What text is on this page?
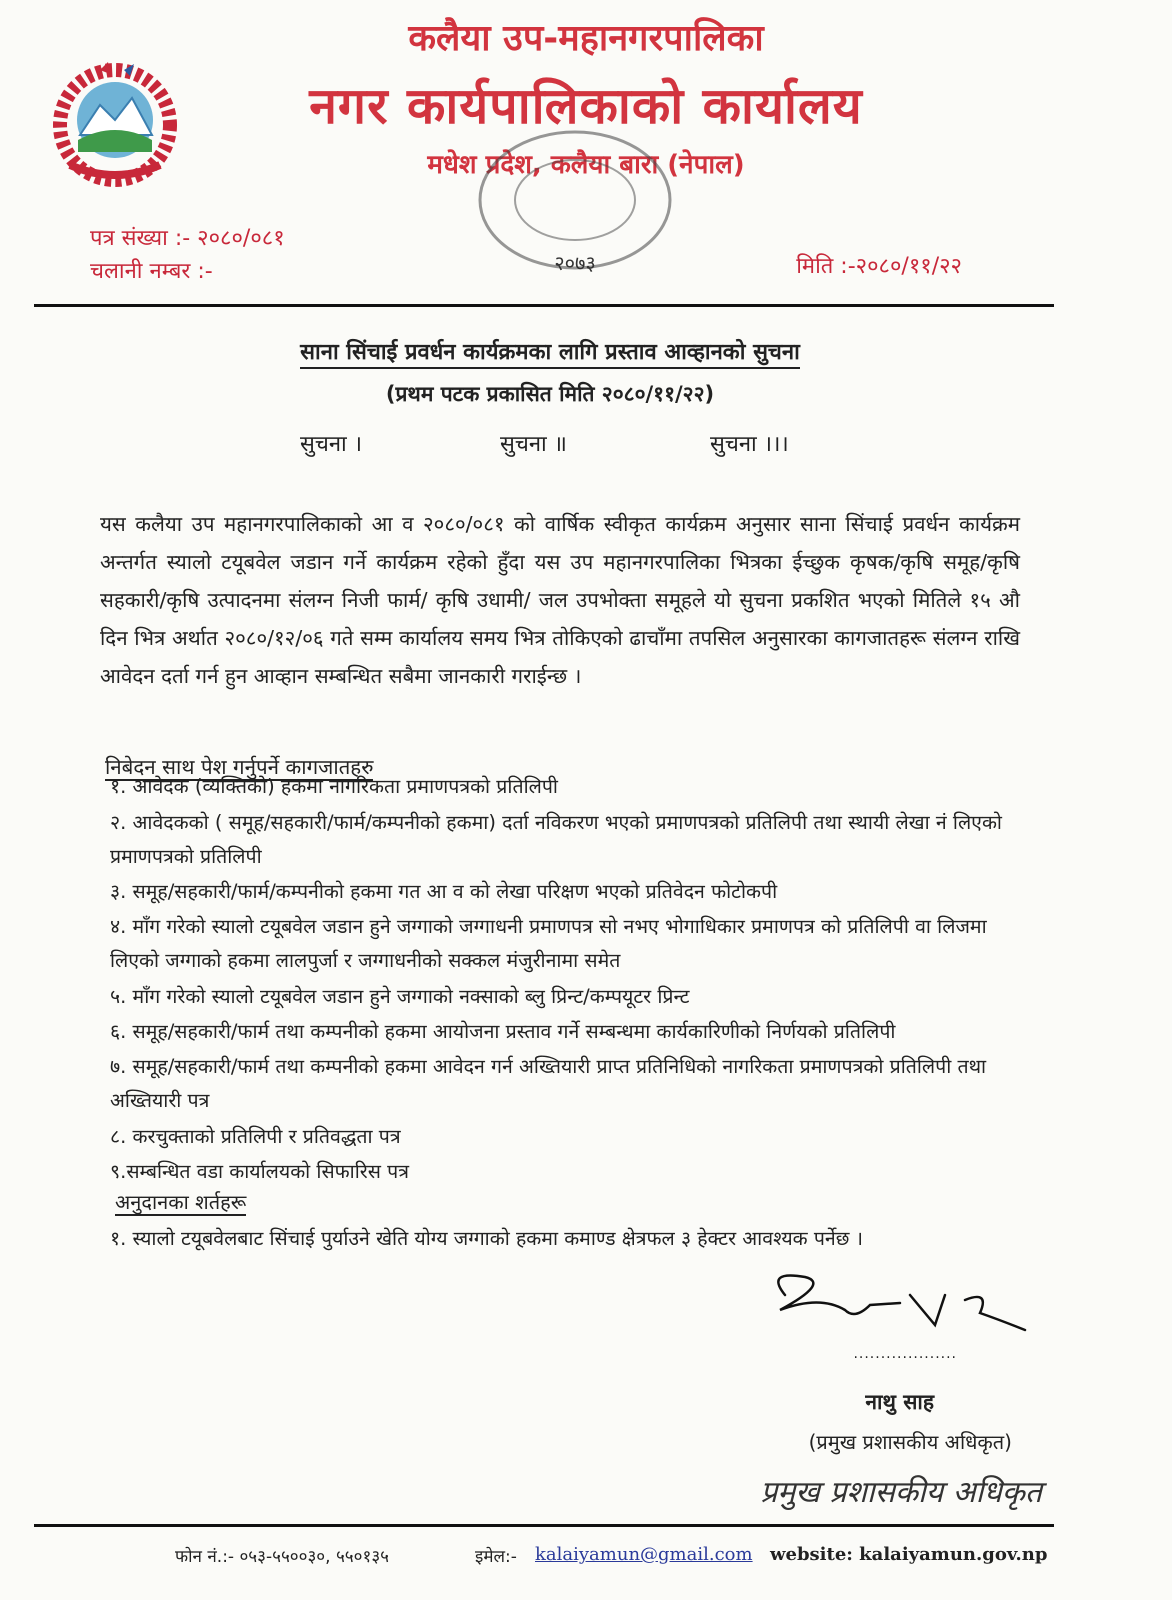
कलैया उप-महानगरपालिका
नगर कार्यपालिकाको कार्यालय
मधेश प्रदेश, कलैया बारा (नेपाल)
२०७३
पत्र संख्या :- २०८०/०८१
चलानी नम्बर :-	मिति :-२०८०/११/२२
साना सिंचाई प्रवर्धन कार्यक्रमका लागि प्रस्ताव आव्हानको सुचना
(प्रथम पटक प्रकासित मिति २०८०/११/२२)
सुचना ।	सुचना ॥	सुचना ।।।
यस कलैया उप महानगरपालिकाको आ व २०८०/०८१ को वार्षिक स्वीकृत कार्यक्रम अनुसार साना सिंचाई प्रवर्धन कार्यक्रम अन्तर्गत स्यालो टयूबवेल जडान गर्ने कार्यक्रम रहेको हुँदा यस उप महानगरपालिका भित्रका ईच्छुक कृषक/कृषि समूह/कृषि सहकारी/कृषि उत्पादनमा संलग्न निजी फार्म/ कृषि उधामी/ जल उपभोक्ता समूहले यो सुचना प्रकशित भएको मितिले १५ औ दिन भित्र अर्थात २०८०/१२/०६ गते सम्म कार्यालय समय भित्र तोकिएको ढाचाँमा तपसिल अनुसारका कागजातहरू संलग्न राखि आवेदन दर्ता गर्न हुन आव्हान सम्बन्धित सबैमा जानकारी गराईन्छ ।
निबेदन साथ पेश गर्नुपर्ने कागजातहरु
१. आवेदक (व्यक्तिको) हकमा नागरिकता प्रमाणपत्रको प्रतिलिपी
२. आवेदकको ( समूह/सहकारी/फार्म/कम्पनीको हकमा) दर्ता नविकरण भएको प्रमाणपत्रको प्रतिलिपी तथा स्थायी लेखा नं लिएको प्रमाणपत्रको प्रतिलिपी
३. समूह/सहकारी/फार्म/कम्पनीको हकमा गत आ व को लेखा परिक्षण भएको प्रतिवेदन फोटोकपी
४. माँग गरेको स्यालो टयूबवेल जडान हुने जग्गाको जग्गाधनी प्रमाणपत्र सो नभए भोगाधिकार प्रमाणपत्र को प्रतिलिपी वा लिजमा लिएको जग्गाको हकमा लालपुर्जा र जग्गाधनीको सक्कल मंजुरीनामा समेत
५. माँग गरेको स्यालो टयूबवेल जडान हुने जग्गाको नक्साको ब्लु प्रिन्ट/कम्पयूटर प्रिन्ट
६. समूह/सहकारी/फार्म तथा कम्पनीको हकमा आयोजना प्रस्ताव गर्ने सम्बन्धमा कार्यकारिणीको निर्णयको प्रतिलिपी
७. समूह/सहकारी/फार्म तथा कम्पनीको हकमा आवेदन गर्न अख्तियारी प्राप्त प्रतिनिधिको नागरिकता प्रमाणपत्रको प्रतिलिपी तथा अख्तियारी पत्र
८. करचुक्ताको प्रतिलिपी र प्रतिवद्धता पत्र
९.सम्बन्धित वडा कार्यालयको सिफारिस पत्र
अनुदानका शर्तहरू
१. स्यालो टयूबवेलबाट सिंचाई पुर्याउने खेति योग्य जग्गाको हकमा कमाण्ड क्षेत्रफल ३ हेक्टर आवश्यक पर्नेछ ।
...................
नाथु साह
(प्रमुख प्रशासकीय अधिकृत)
प्रमुख प्रशासकीय अधिकृत
फोन नं.:- ०५३-५५००३०, ५५०१३५	इमेल:- kalaiyamun@gmail.com website: kalaiyamun.gov.np
